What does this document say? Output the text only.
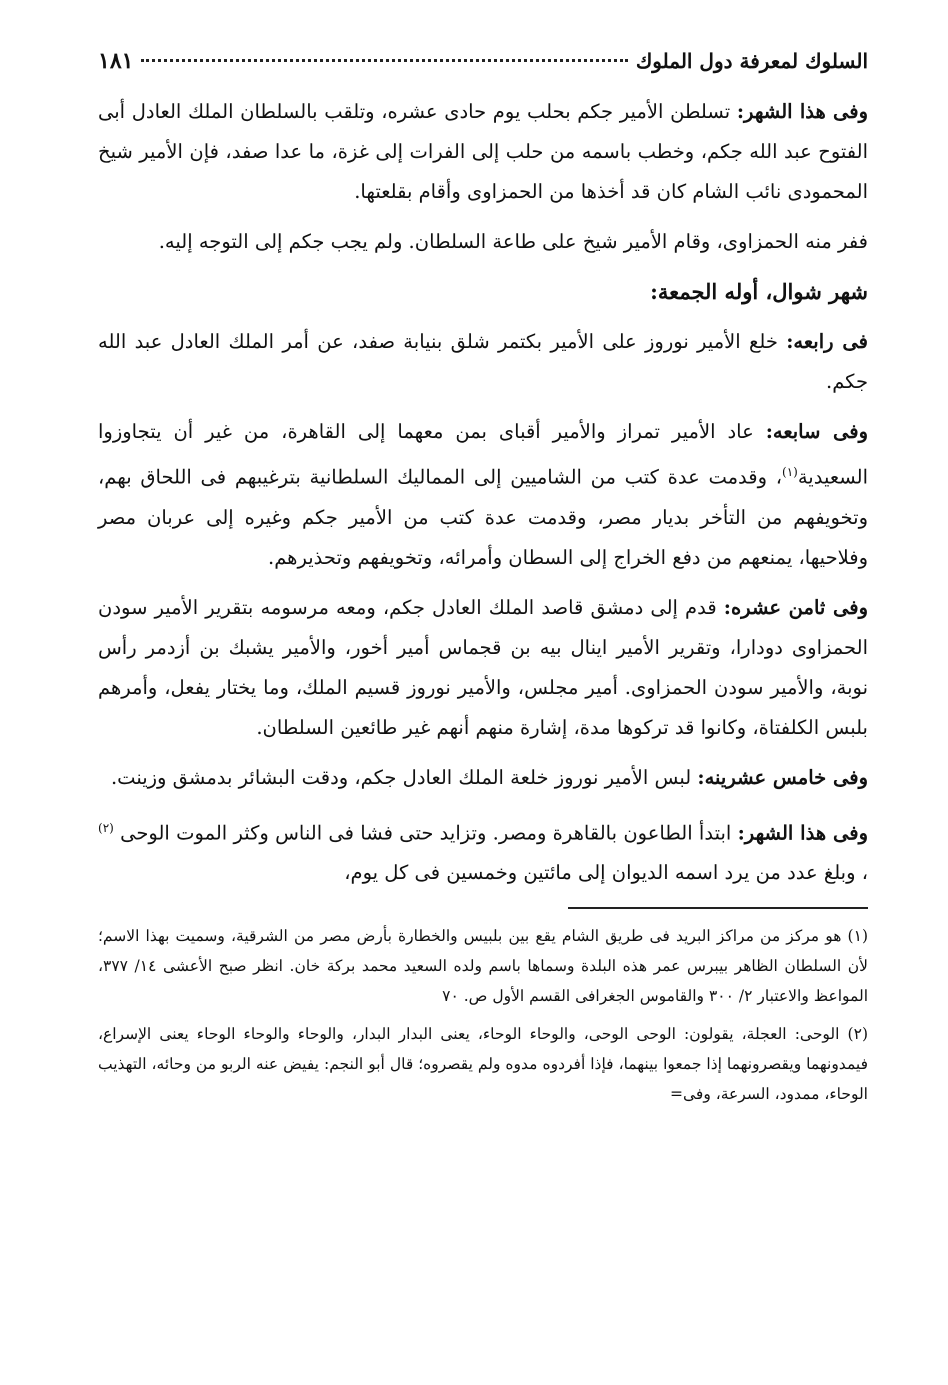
السلوك لمعرفة دول الملوك
١٨١

وفى هذا الشهر: تسلطن الأمير جكم بحلب يوم حادى عشره، وتلقب بالسلطان الملك العادل أبى الفتوح عبد الله جكم، وخطب باسمه من حلب إلى الفرات إلى غزة، ما عدا صفد، فإن الأمير شيخ المحمودى نائب الشام كان قد أخذها من الحمزاوى وأقام بقلعتها.

ففر منه الحمزاوى، وقام الأمير شيخ على طاعة السلطان. ولم يجب جكم إلى التوجه إليه.

شهر شوال، أوله الجمعة:

فى رابعه: خلع الأمير نوروز على الأمير بكتمر شلق بنيابة صفد، عن أمر الملك العادل عبد الله جكم.

وفى سابعه: عاد الأمير تمراز والأمير أقباى بمن معهما إلى القاهرة، من غير أن يتجاوزوا السعيدية$^{(١)}$، وقدمت عدة كتب من الشاميين إلى المماليك السلطانية بترغيبهم فى اللحاق بهم، وتخويفهم من التأخر بديار مصر، وقدمت عدة كتب من الأمير جكم وغيره إلى عربان مصر وفلاحيها، يمنعهم من دفع الخراج إلى السطان وأمرائه، وتخويفهم وتحذيرهم.

وفى ثامن عشره: قدم إلى دمشق قاصد الملك العادل جكم، ومعه مرسومه بتقرير الأمير سودن الحمزاوى دودارا، وتقرير الأمير اينال بيه بن قجماس أمير أخور، والأمير يشبك بن أزدمر رأس نوبة، والأمير سودن الحمزاوى. أمير مجلس، والأمير نوروز قسيم الملك، وما يختار يفعل، وأمرهم بلبس الكلفتاة، وكانوا قد تركوها مدة، إشارة منهم أنهم غير طائعين السلطان.

وفى خامس عشرينه: لبس الأمير نوروز خلعة الملك العادل جكم، ودقت البشائر بدمشق وزينت.

وفى هذا الشهر: ابتدأ الطاعون بالقاهرة ومصر. وتزايد حتى فشا فى الناس وكثر الموت الوحى $^{(٢)}$ ، وبلغ عدد من يرد اسمه الديوان إلى مائتين وخمسين فى كل يوم،

(١) هو مركز من مراكز البريد فى طريق الشام يقع بين بلبيس والخطارة بأرض مصر من الشرقية، وسميت بهذا الاسم؛ لأن السلطان الظاهر بيبرس عمر هذه البلدة وسماها باسم ولده السعيد محمد بركة خان. انظر صبح الأعشى ١٤/ ٣٧٧، المواعظ والاعتبار ٢/ ٣٠٠ والقاموس الجغرافى القسم الأول ص. ٧٠

(٢) الوحى: العجلة، يقولون: الوحى الوحى، والوحاء الوحاء، يعنى البدار البدار، والوحاء والوحاء الوحاء يعنى الإسراع، فيمدونهما ويقصرونهما إذا جمعوا بينهما، فإذا أفردوه مدوه ولم يقصروه؛ قال أبو النجم: يفيض عنه الربو من وحائه، التهذيب الوحاء، ممدود، السرعة، وفى=
